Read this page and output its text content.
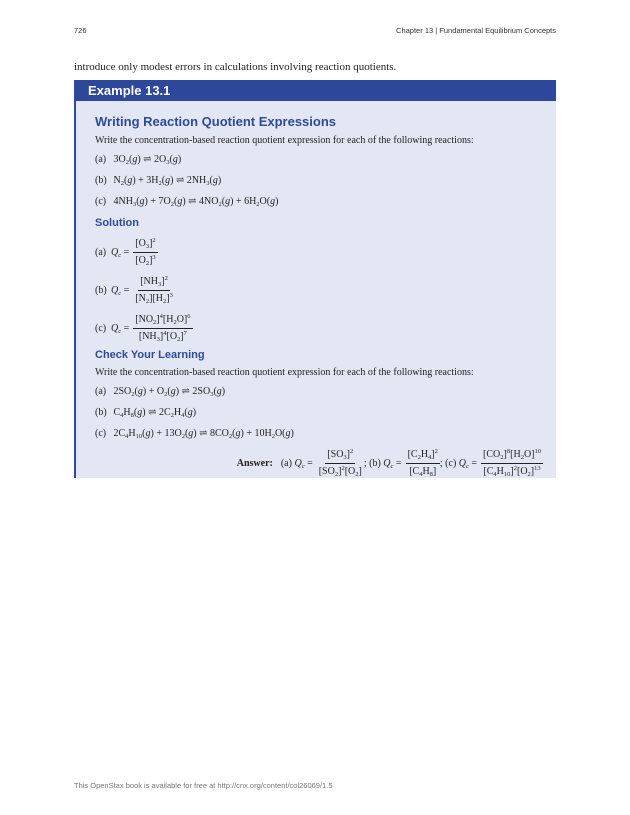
726	Chapter 13 | Fundamental Equilibrium Concepts
introduce only modest errors in calculations involving reaction quotients.
Example 13.1
Writing Reaction Quotient Expressions
Write the concentration-based reaction quotient expression for each of the following reactions:
(a) $3O_2(g)$ ⇌ $2O_3(g)$
(b) $N_2(g) + 3H_2(g)$ ⇌ $2NH_3(g)$
(c) $4NH_3(g) + 7O_2(g)$ ⇌ $4NO_2(g) + 6H_2O(g)$
Solution
(a) $Q_c = \frac{[O_3]^2}{[O_2]^3}$
(b) $Q_c = \frac{[NH_3]^2}{[N_2][H_2]^3}$
(c) $Q_c = \frac{[NO_2]^4[H_2O]^6}{[NH_3]^4[O_2]^7}$
Check Your Learning
Write the concentration-based reaction quotient expression for each of the following reactions:
(a) $2SO_2(g) + O_2(g)$ ⇌ $2SO_3(g)$
(b) $C_4H_8(g)$ ⇌ $2C_2H_4(g)$
(c) $2C_4H_{10}(g) + 13O_2(g)$ ⇌ $8CO_2(g) + 10H_2O(g)$
Answer: (a)
$Q_c = \frac{[SO_3]^2}{[SO_2]^2[O_2]}$ ;
(b)
$Q_c = \frac{[C_2H_4]^2}{[C_4H_8]}$ ;
(c)
$Q_c = \frac{[CO_2]^8[H_2O]^{10}}{[C_4H_{10}]^2[O_2]^{13}}$
This OpenStax book is available for free at http://cnx.org/content/col26069/1.5
